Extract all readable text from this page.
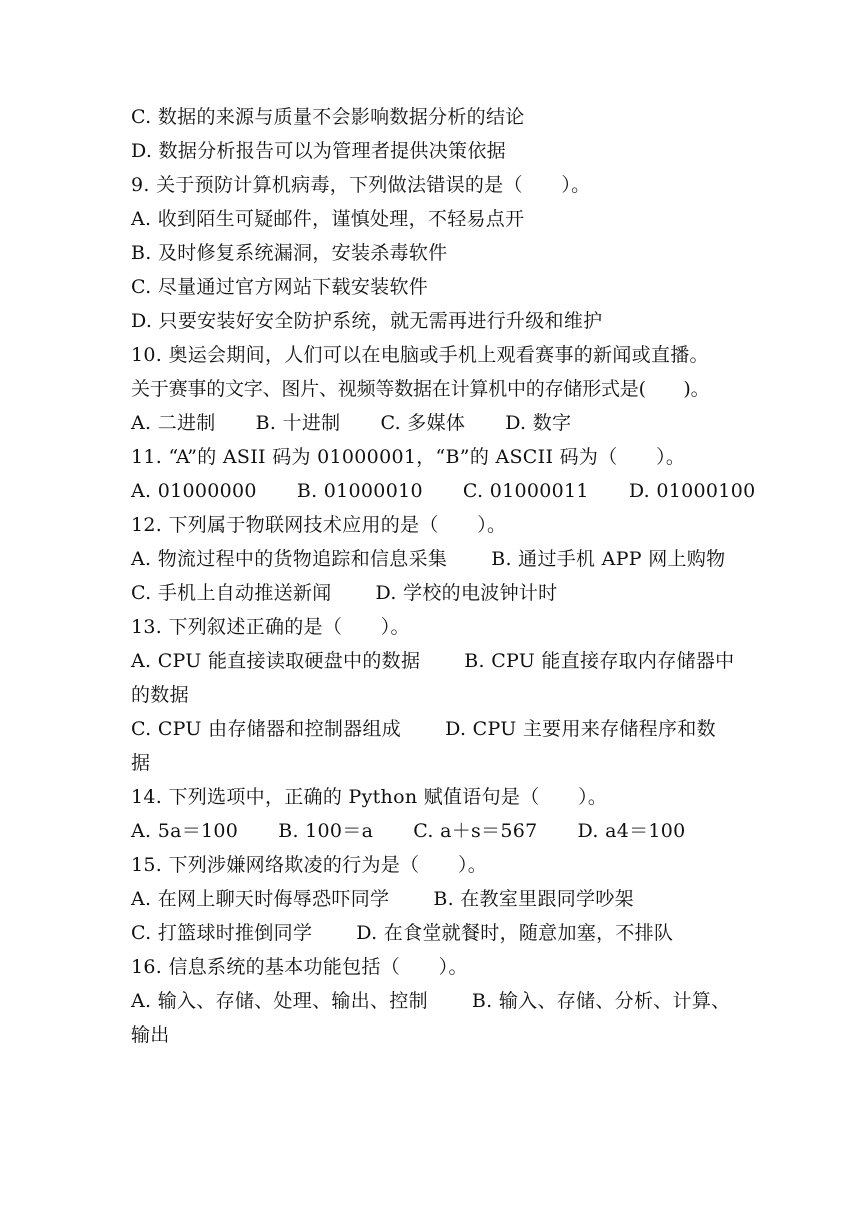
C. 数据的来源与质量不会影响数据分析的结论
D. 数据分析报告可以为管理者提供决策依据
9. 关于预防计算机病毒，下列做法错误的是（　　）。
A. 收到陌生可疑邮件，谨慎处理，不轻易点开
B. 及时修复系统漏洞，安装杀毒软件
C. 尽量通过官方网站下载安装软件
D. 只要安装好安全防护系统，就无需再进行升级和维护
10. 奥运会期间，人们可以在电脑或手机上观看赛事的新闻或直播。
关于赛事的文字、图片、视频等数据在计算机中的存储形式是(　　)。
A. 二进制 B. 十进制 C. 多媒体 D. 数字
11. “A”的 ASII 码为 01000001，“B”的 ASCII 码为（　　）。
A. 01000000 B. 01000010 C. 01000011 D. 01000100
12. 下列属于物联网技术应用的是（　　）。
A. 物流过程中的货物追踪和信息采集 B. 通过手机 APP 网上购物
C. 手机上自动推送新闻 D. 学校的电波钟计时
13. 下列叙述正确的是（　　）。
A. CPU 能直接读取硬盘中的数据 B. CPU 能直接存取内存储器中
的数据
C. CPU 由存储器和控制器组成 D. CPU 主要用来存储程序和数
据
14. 下列选项中，正确的 Python 赋值语句是（　　）。
A. 5a＝100 B. 100＝a C. a＋s＝567 D. a4＝100
15. 下列涉嫌网络欺凌的行为是（　　）。
A. 在网上聊天时侮辱恐吓同学 B. 在教室里跟同学吵架
C. 打篮球时推倒同学 D. 在食堂就餐时，随意加塞，不排队
16. 信息系统的基本功能包括（　　）。
A. 输入、存储、处理、输出、控制 B. 输入、存储、分析、计算、
输出
